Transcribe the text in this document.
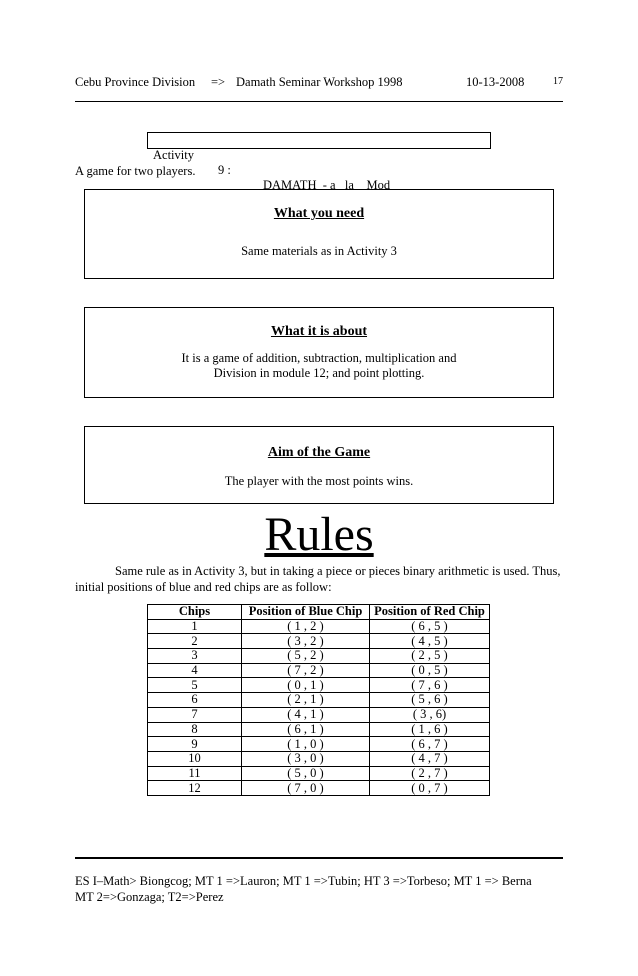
Cebu Province Division => Damath Seminar Workshop 1998	10-13-2008	17

Activity

9 :

DAMATH  - a   la    Mod

A game for two players.
What you need
Same materials as in Activity 3
What it is about
It is a game of addition, subtraction, multiplication and
Division in module 12; and point plotting.
Aim of the Game
The player with the most points wins.
Rules
Same rule as in Activity 3, but in taking a piece or pieces binary arithmetic is used. Thus,
initial positions of blue and red chips are as follow:
Chips	Position of Blue Chip	Position of Red Chip
1	( 1 , 2 )	( 6 , 5 )
2	( 3 , 2 )	( 4 , 5 )
3	( 5 , 2 )	( 2 , 5 )
4	( 7 , 2 )	( 0 , 5 )
5	( 0 , 1 )	( 7 , 6 )
6	( 2 , 1 )	( 5 , 6 )
7	( 4 , 1 )	( 3 , 6)
8	( 6 , 1 )	( 1 , 6 )
9	( 1 , 0 )	( 6 , 7 )
10	( 3 , 0 )	( 4 , 7 )
11	( 5 , 0 )	( 2 , 7 )
12	( 7 , 0 )	( 0 , 7 )
ES I–Math> Biongcog; MT 1 =>Lauron; MT 1 =>Tubin; HT 3 =>Torbeso; MT 1 => Berna
MT 2=>Gonzaga; T2=>Perez
